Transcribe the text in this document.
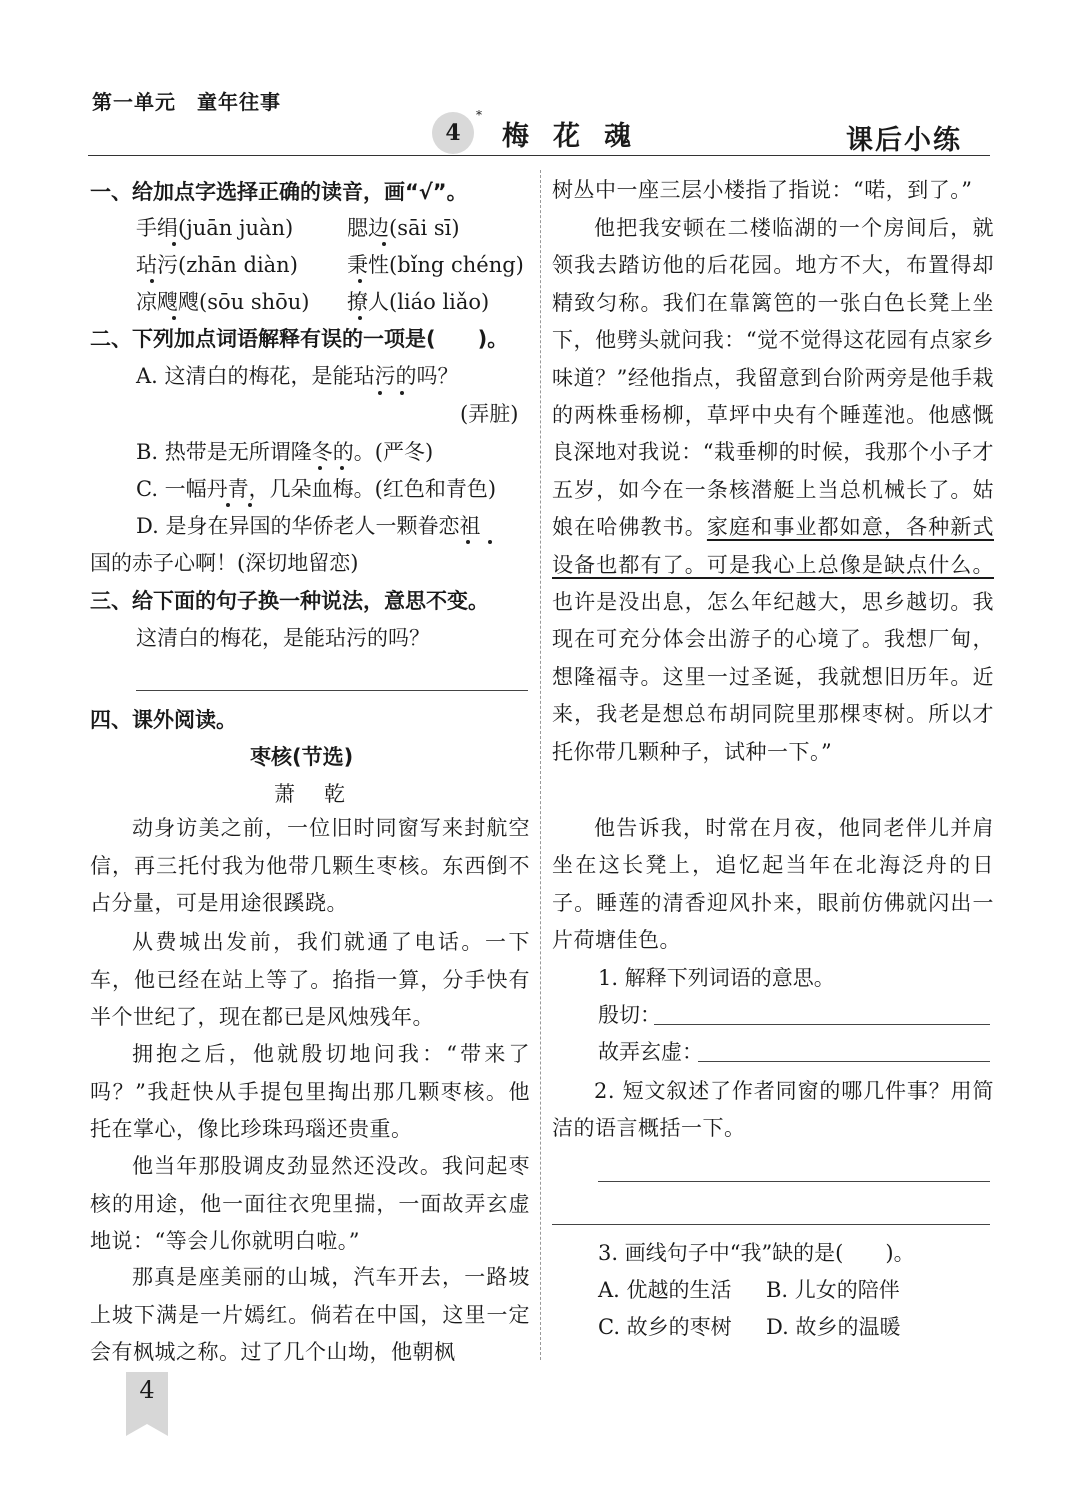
第一单元　童年往事
4
*
梅花魂	课后小练
一、给加点字选择正确的读音，画“√”。
手绢(juān juàn)	腮边(sāi sī)
玷污(zhān diàn) 秉性(bǐng chéng)
凉飕飕(sōu shōu) 撩人(liáo liǎo)
二、下列加点词语解释有误的一项是(　　)。
A. 这清白的梅花，是能玷污的吗？
(弄脏)
B. 热带是无所谓隆冬的。(严冬)
C. 一幅丹青，几朵血梅。(红色和青色)
D. 是身在异国的华侨老人一颗眷恋祖
国的赤子心啊！(深切地留恋)
三、给下面的句子换一种说法，意思不变。
这清白的梅花，是能玷污的吗？
四、课外阅读。
枣核(节选)
萧　乾
动身访美之前，一位旧时同窗写来封航空信，再三托付我为他带几颗生枣核。东西倒不占分量，可是用途很蹊跷。
从费城出发前，我们就通了电话。一下车，他已经在站上等了。掐指一算，分手快有半个世纪了，现在都已是风烛残年。
拥抱之后，他就殷切地问我：“带来了吗？”我赶快从手提包里掏出那几颗枣核。他托在掌心，像比珍珠玛瑙还贵重。
他当年那股调皮劲显然还没改。我问起枣核的用途，他一面往衣兜里揣，一面故弄玄虚地说：“等会儿你就明白啦。”
那真是座美丽的山城，汽车开去，一路坡上坡下满是一片嫣红。倘若在中国，这里一定会有枫城之称。过了几个山坳，他朝枫
树丛中一座三层小楼指了指说：“喏，到了。”
他把我安顿在二楼临湖的一个房间后，就领我去踏访他的后花园。地方不大，布置得却精致匀称。我们在靠篱笆的一张白色长凳上坐下，他劈头就问我：“觉不觉得这花园有点家乡味道？”经他指点，我留意到台阶两旁是他手栽的两株垂杨柳，草坪中央有个睡莲池。他感慨良深地对我说：“栽垂柳的时候，我那个小子才五岁，如今在一条核潜艇上当总机械长了。姑娘在哈佛教书。家庭和事业都如意，各种新式设备也都有了。可是我心上总像是缺点什么。也许是没出息，怎么年纪越大，思乡越切。我现在可充分体会出游子的心境了。我想厂甸，想隆福寺。这里一过圣诞，我就想旧历年。近来，我老是想总布胡同院里那棵枣树。所以才托你带几颗种子，试种一下。”
他告诉我，时常在月夜，他同老伴儿并肩坐在这长凳上，追忆起当年在北海泛舟的日子。睡莲的清香迎风扑来，眼前仿佛就闪出一片荷塘佳色。
1. 解释下列词语的意思。
殷切：
故弄玄虚：
2. 短文叙述了作者同窗的哪几件事？用简洁的语言概括一下。
3. 画线句子中“我”缺的是(　　)。
A. 优越的生活 B. 儿女的陪伴
C. 故乡的枣树 D. 故乡的温暖
4
